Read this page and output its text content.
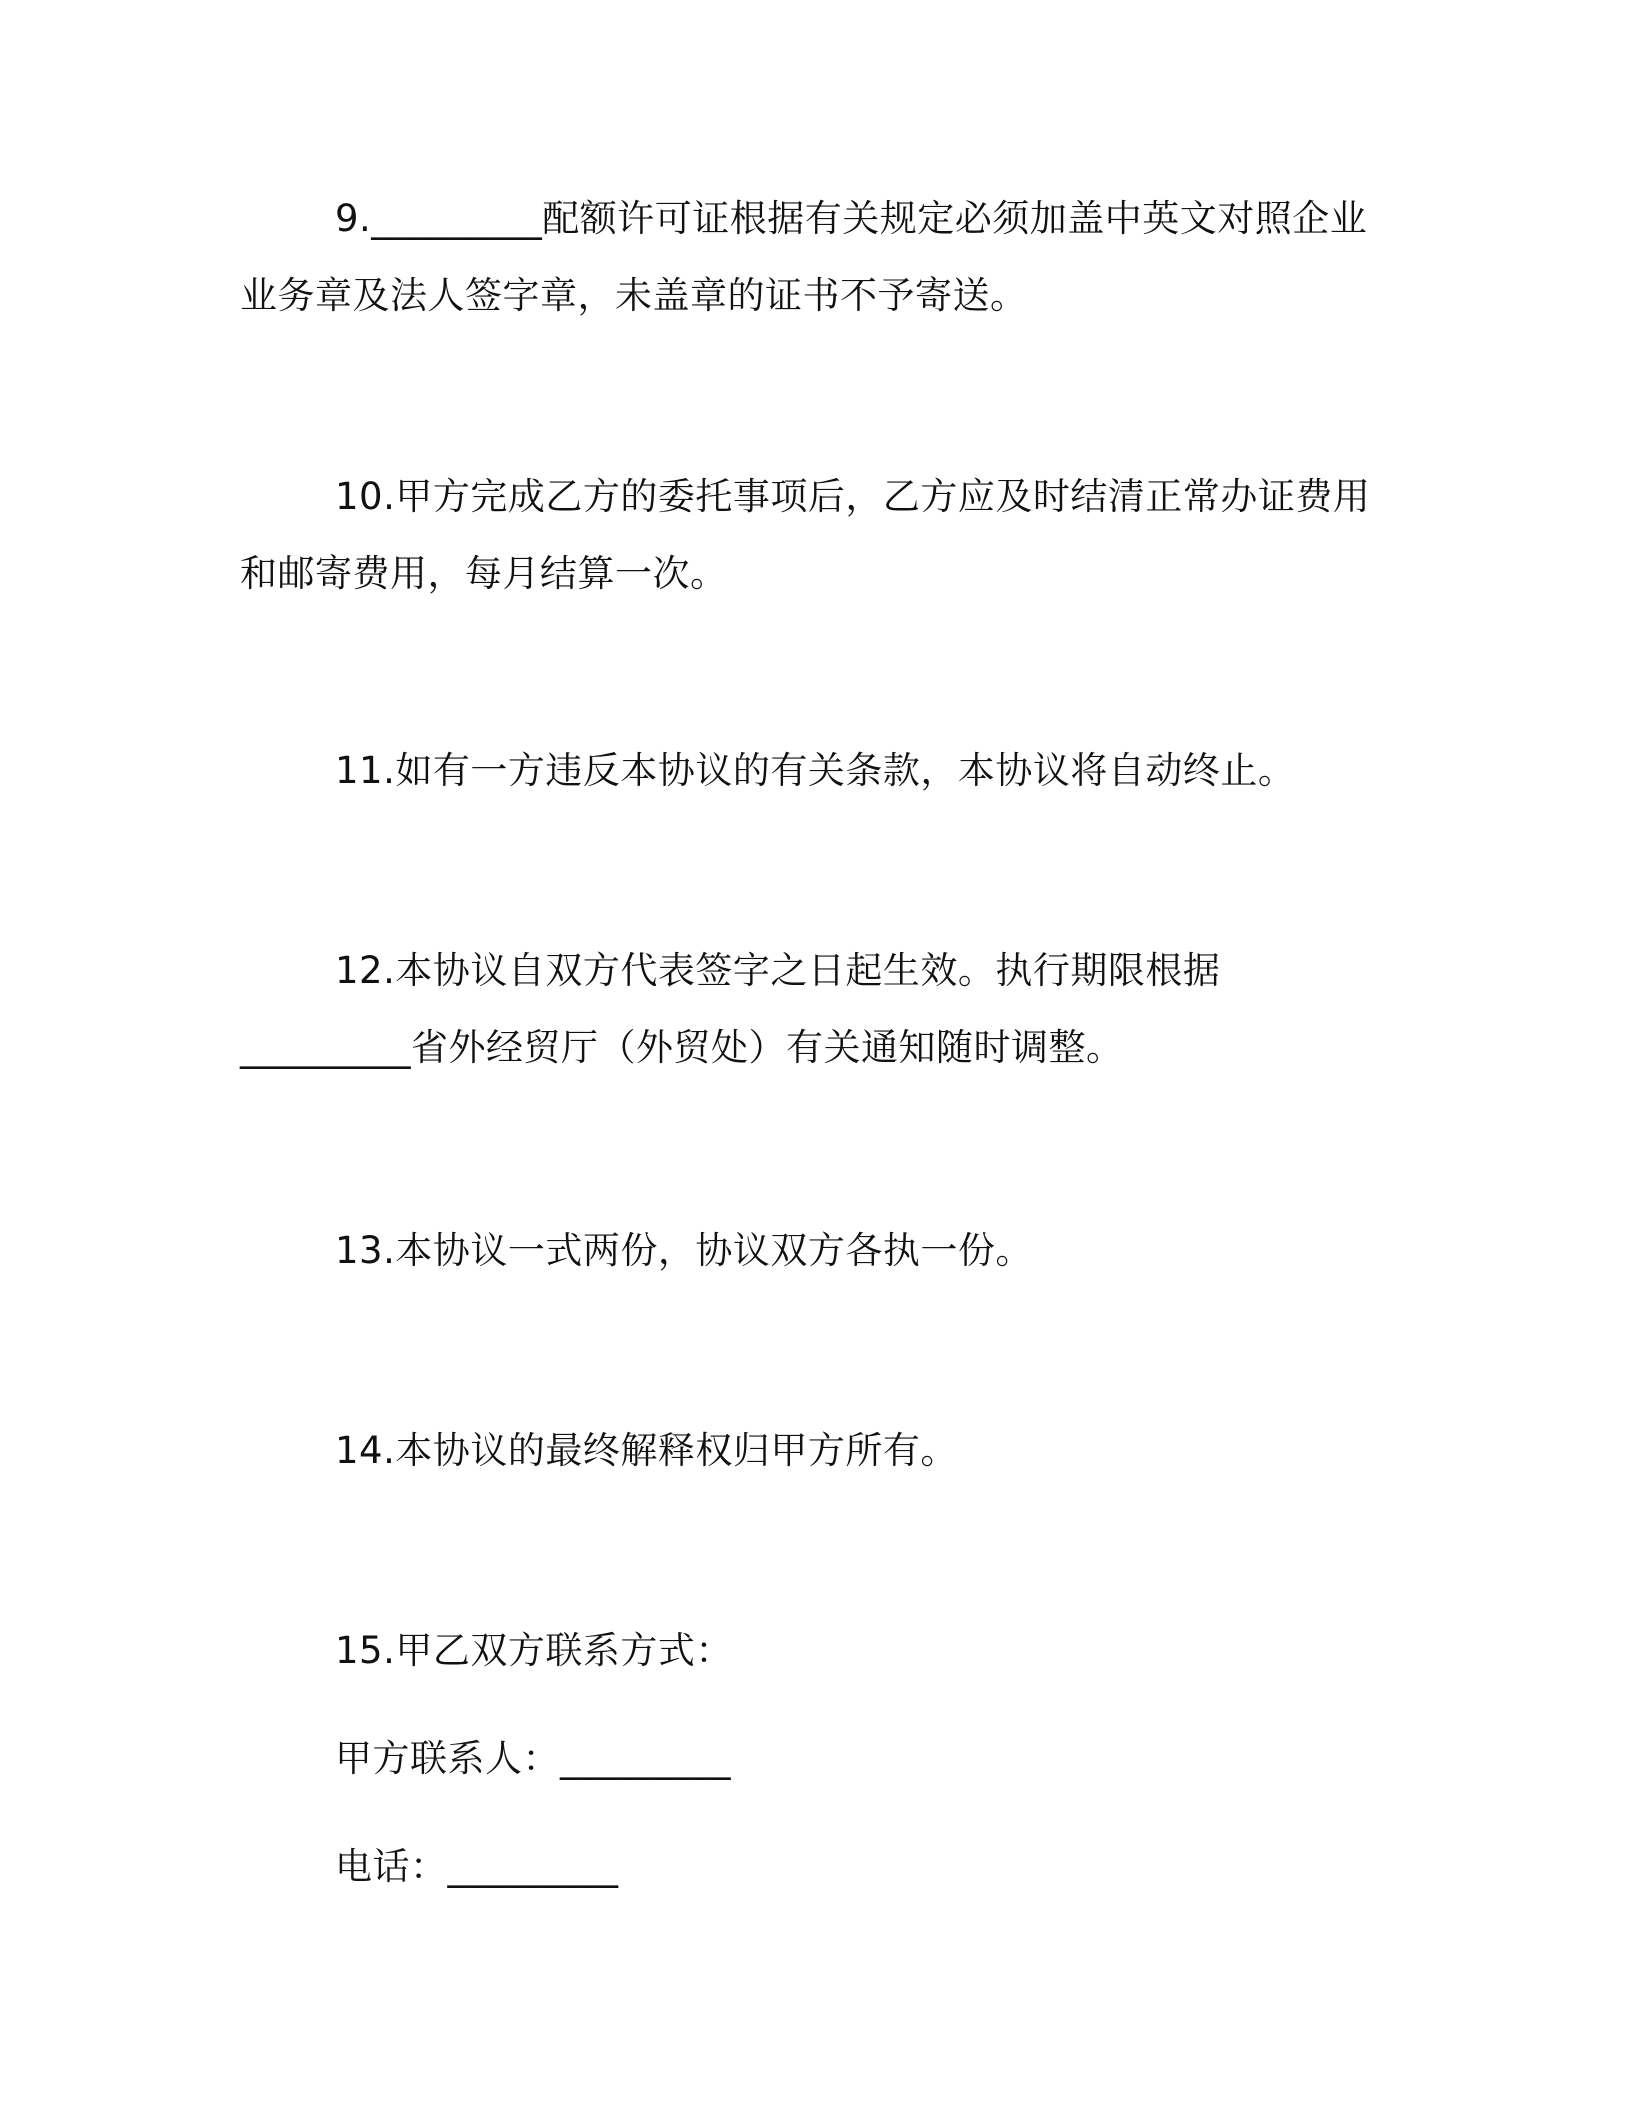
9._________配额许可证根据有关规定必须加盖中英文对照企业
业务章及法人签字章，未盖章的证书不予寄送。
10.甲方完成乙方的委托事项后，乙方应及时结清正常办证费用
和邮寄费用，每月结算一次。
11.如有一方违反本协议的有关条款，本协议将自动终止。
12.本协议自双方代表签字之日起生效。执行期限根据
_________省外经贸厅（外贸处）有关通知随时调整。
13.本协议一式两份，协议双方各执一份。
14.本协议的最终解释权归甲方所有。
15.甲乙双方联系方式：

甲方联系人：_________

电话：_________
